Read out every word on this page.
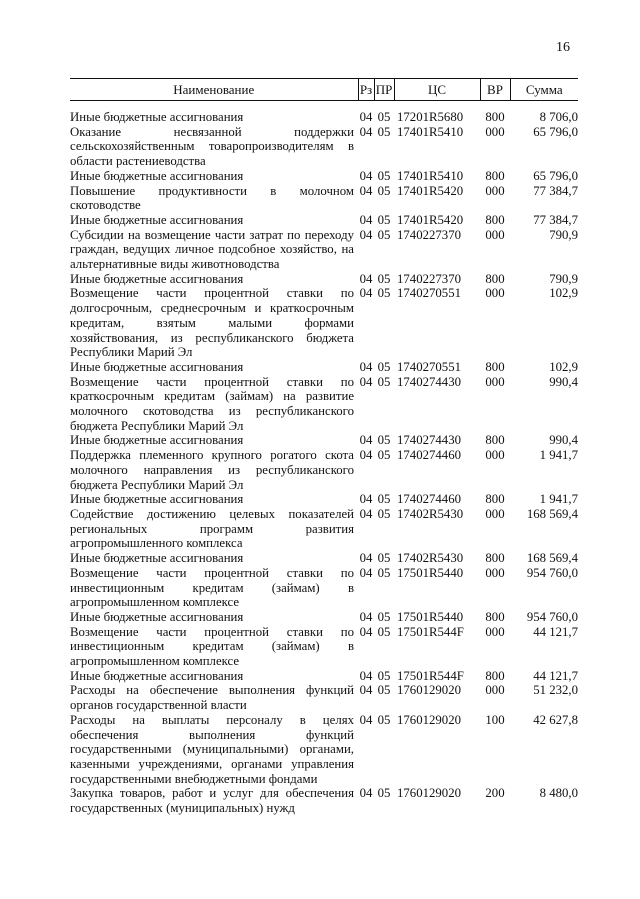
16
Наименование	Рз	ПР	ЦС	ВР	Сумма

Иные бюджетные ассигнования	04	05	17201R5680	800	8 706,0
Оказание несвязанной поддержки сельскохозяйственным товаропроизводителям в области растениеводства	04	05	17401R5410	000	65 796,0
Иные бюджетные ассигнования	04	05	17401R5410	800	65 796,0
Повышение продуктивности в молочном скотоводстве	04	05	17401R5420	000	77 384,7
Иные бюджетные ассигнования	04	05	17401R5420	800	77 384,7
Субсидии на возмещение части затрат по переходу граждан, ведущих личное подсобное хозяйство, на альтернативные виды животноводства	04	05	1740227370	000	790,9
Иные бюджетные ассигнования	04	05	1740227370	800	790,9
Возмещение части процентной ставки по долгосрочным, среднесрочным и краткосрочным кредитам, взятым малыми формами хозяйствования, из республиканского бюджета Республики Марий Эл	04	05	1740270551	000	102,9
Иные бюджетные ассигнования	04	05	1740270551	800	102,9
Возмещение части процентной ставки по краткосрочным кредитам (займам) на развитие молочного скотоводства из республиканского бюджета Республики Марий Эл	04	05	1740274430	000	990,4
Иные бюджетные ассигнования	04	05	1740274430	800	990,4
Поддержка племенного крупного рогатого скота молочного направления из республиканского бюджета Республики Марий Эл	04	05	1740274460	000	1 941,7
Иные бюджетные ассигнования	04	05	1740274460	800	1 941,7
Содействие достижению целевых показателей региональных программ развития агропромышленного комплекса	04	05	17402R5430	000	168 569,4
Иные бюджетные ассигнования	04	05	17402R5430	800	168 569,4
Возмещение части процентной ставки по инвестиционным кредитам (займам) в агропромышленном комплексе	04	05	17501R5440	000	954 760,0
Иные бюджетные ассигнования	04	05	17501R5440	800	954 760,0
Возмещение части процентной ставки по инвестиционным кредитам (займам) в агропромышленном комплексе	04	05	17501R544F	000	44 121,7
Иные бюджетные ассигнования	04	05	17501R544F	800	44 121,7
Расходы на обеспечение выполнения функций органов государственной власти	04	05	1760129020	000	51 232,0
Расходы на выплаты персоналу в целях обеспечения выполнения функций государственными (муниципальными) органами, казенными учреждениями, органами управления государственными внебюджетными фондами	04	05	1760129020	100	42 627,8
Закупка товаров, работ и услуг для обеспечения государственных (муниципальных) нужд	04	05	1760129020	200	8 480,0
